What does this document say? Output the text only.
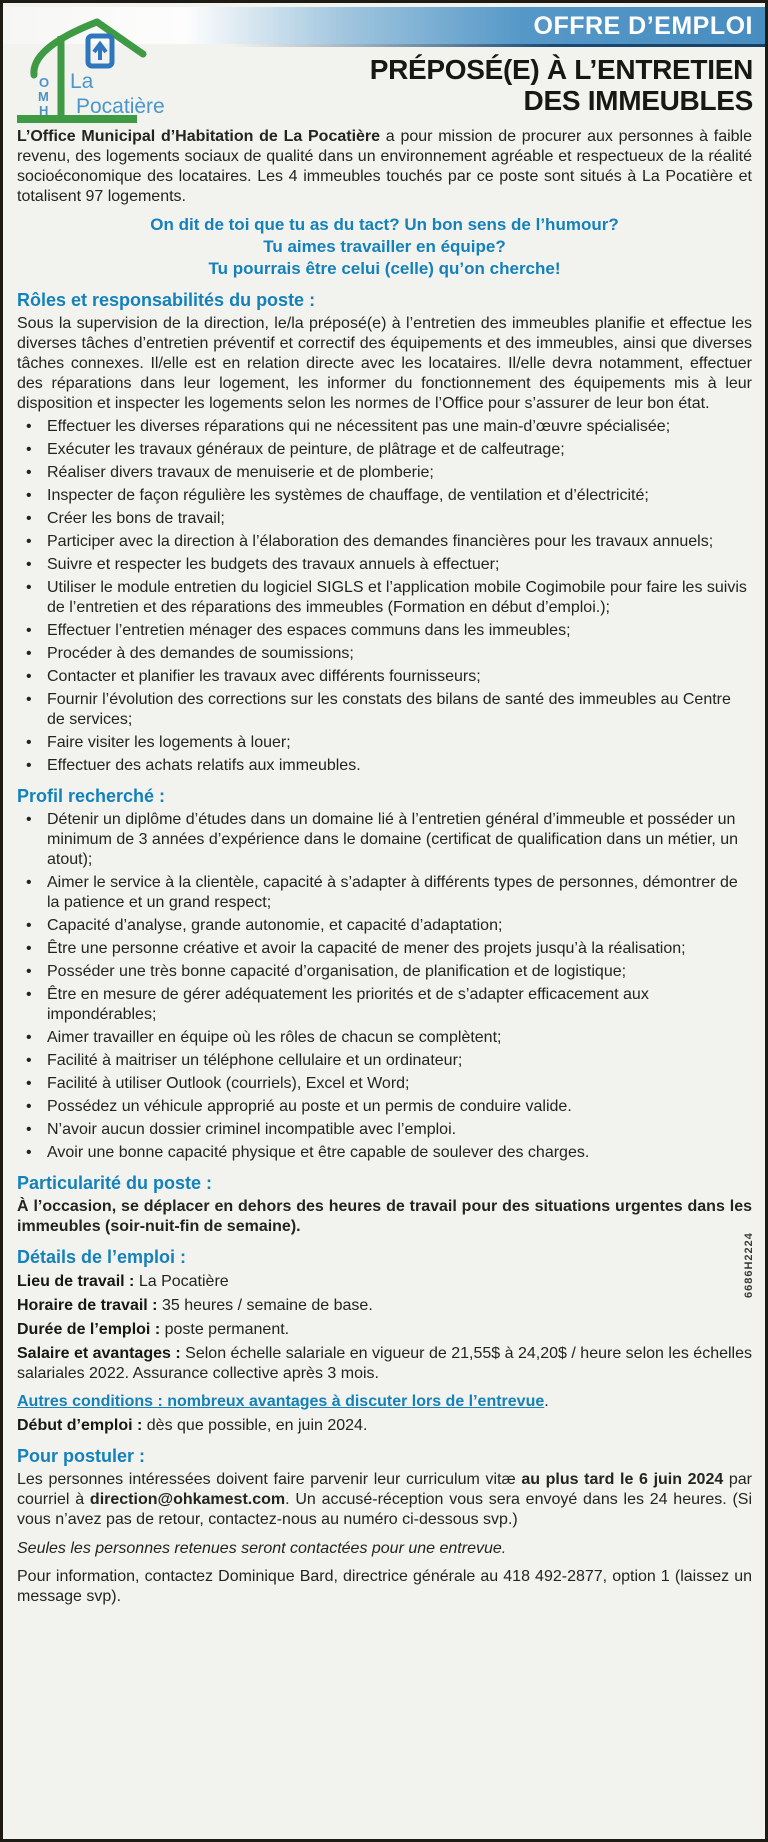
OFFRE D’EMPLOI
PRÉPOSÉ(E) À L’ENTRETIEN
DES IMMEUBLES
O
M
H
La
Pocatière

L’Office Municipal d’Habitation de La Pocatière a pour mission de procurer aux personnes à faible revenu, des logements sociaux de qualité dans un environnement agréable et respectueux de la réalité socioéconomique des locataires. Les 4 immeubles touchés par ce poste sont situés à La Pocatière et totalisent 97 logements.

On dit de toi que tu as du tact? Un bon sens de l’humour?
Tu aimes travailler en équipe?
Tu pourrais être celui (celle) qu’on cherche!
Rôles et responsabilités du poste :

Sous la supervision de la direction, le/la préposé(e) à l’entretien des immeubles planifie et effectue les diverses tâches d’entretien préventif et correctif des équipements et des immeubles, ainsi que diverses tâches connexes. Il/elle est en relation directe avec les locataires. Il/elle devra notamment, effectuer des réparations dans leur logement, les informer du fonctionnement des équipements mis à leur disposition et inspecter les logements selon les normes de l’Office pour s’assurer de leur bon état.

• Effectuer les diverses réparations qui ne nécessitent pas une main-d’œuvre spécialisée;
• Exécuter les travaux généraux de peinture, de plâtrage et de calfeutrage;
• Réaliser divers travaux de menuiserie et de plomberie;
• Inspecter de façon régulière les systèmes de chauffage, de ventilation et d’électricité;
• Créer les bons de travail;
• Participer avec la direction à l’élaboration des demandes financières pour les travaux annuels;
• Suivre et respecter les budgets des travaux annuels à effectuer;
• Utiliser le module entretien du logiciel SIGLS et l’application mobile Cogimobile pour faire les suivis de l’entretien et des réparations des immeubles (Formation en début d’emploi.);
• Effectuer l’entretien ménager des espaces communs dans les immeubles;
• Procéder à des demandes de soumissions;
• Contacter et planifier les travaux avec différents fournisseurs;
• Fournir l’évolution des corrections sur les constats des bilans de santé des immeubles au Centre de services;
• Faire visiter les logements à louer;
• Effectuer des achats relatifs aux immeubles.
Profil recherché :
• Détenir un diplôme d’études dans un domaine lié à l’entretien général d’immeuble et posséder un minimum de 3 années d’expérience dans le domaine (certificat de qualification dans un métier, un atout);
• Aimer le service à la clientèle, capacité à s’adapter à différents types de personnes, démontrer de la patience et un grand respect;
• Capacité d’analyse, grande autonomie, et capacité d’adaptation;
• Être une personne créative et avoir la capacité de mener des projets jusqu’à la réalisation;
• Posséder une très bonne capacité d’organisation, de planification et de logistique;
• Être en mesure de gérer adéquatement les priorités et de s’adapter efficacement aux impondérables;
• Aimer travailler en équipe où les rôles de chacun se complètent;
• Facilité à maitriser un téléphone cellulaire et un ordinateur;
• Facilité à utiliser Outlook (courriels), Excel et Word;
• Possédez un véhicule approprié au poste et un permis de conduire valide.
• N’avoir aucun dossier criminel incompatible avec l’emploi.
• Avoir une bonne capacité physique et être capable de soulever des charges.
Particularité du poste :

À l’occasion, se déplacer en dehors des heures de travail pour des situations urgentes dans les immeubles (soir-nuit-fin de semaine).

Détails de l’emploi :

Lieu de travail : La Pocatière

Horaire de travail : 35 heures / semaine de base.

Durée de l’emploi : poste permanent.

Salaire et avantages : Selon échelle salariale en vigueur de 21,55$ à 24,20$ / heure selon les échelles salariales 2022. Assurance collective après 3 mois.

Autres conditions : nombreux avantages à discuter lors de l’entrevue.

Début d’emploi : dès que possible, en juin 2024.

Pour postuler :

Les personnes intéressées doivent faire parvenir leur curriculum vitæ au plus tard le 6 juin 2024 par courriel à direction@ohkamest.com. Un accusé-réception vous sera envoyé dans les 24 heures. (Si vous n’avez pas de retour, contactez-nous au numéro ci-dessous svp.)

Seules les personnes retenues seront contactées pour une entrevue.

Pour information, contactez Dominique Bard, directrice générale au 418 492-2877, option 1 (laissez un message svp).

6686H2224
